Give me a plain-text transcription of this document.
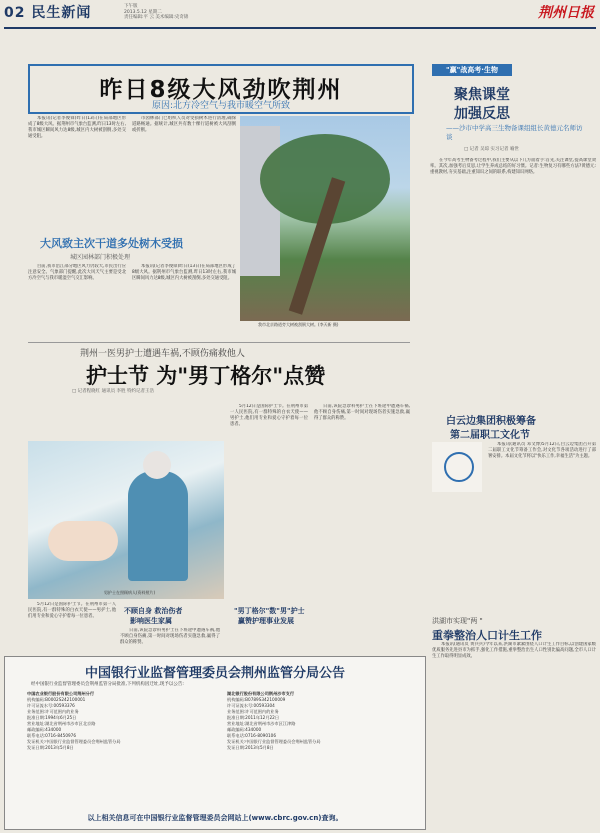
02 民生新闻	下午版
2013.5.12 星期二
责任编辑:平 云 美术编辑:史奇锦	荆州日报
昨日8级大风劲吹荆州
原因:北方冷空气与我市暖空气所致

本报讯(记者李俊锋)昨日(13日)在局部地区形成了8级大风。据荆州市气象台监测,昨日13时左右,我市城区瞬间风力达8级,城区内大树被刮倒,多处交通受阻。

市园林部门已组织人员对受损树木进行清理,确保道路畅通。据统计,城区共有数十棵行道树被大风刮倒或折断。

大风致主次干道多处树木受损
城区园林部门积极处理

目前,我市沿江部分地区风力仍较大,市民出行应注意安全。气象部门提醒,此次大风天气主要是受北方冷空气与我市暖湿空气交汇影响。

本报讯(记者李俊锋)昨日(13日)在局部地区形成了8级大风。据荆州市气象台监测,昨日13时左右,我市城区瞬间风力达8级,城区内大树被刮倒,多处交通受阻。

我市北京路道旁大树被刮倒大树。(李天新 摄)
"赢"战高考·生物
聚焦课堂
加强反思
——沙市中学高三生物备课组组长黄德元名师访谈
□ 记者 吴琼 实习记者 喻世

在今年高考生物备考过程中,我们主要从以下几方面着手:首先,关注课堂,提高课堂效率。其次,加强考后反思,让学生养成总结的好习惯。记者:生物复习有哪些方法?黄德元:重视教材,夯实基础,注重知识之间的联系,构建知识网络。

荆州一医男护士遭遇车祸,不顾伤痛救他人
护士节 为"男丁格尔"点赞
□ 记者程晓红 通讯员 李胜 特约记者王浩
男护士在照顾病人(资料照片)

5月12日是国际护士节。在荆州市第一人民医院,有一群特殊的白衣天使——男护士,他们用专业和爱心守护着每一位患者。

日前,该院急诊科男护士在下班途中遭遇车祸,他不顾自身伤痛,第一时间对现场伤者实施急救,赢得了群众的称赞。

5月12日是国际护士节。在荆州市第一人民医院,有一群特殊的白衣天使——男护士,他们用专业和爱心守护着每一位患者。

不顾自身 救治伤者
影响医生家属

日前,该院急诊科男护士在下班途中遭遇车祸,他不顾自身伤痛,第一时间对现场伤者实施急救,赢得了群众的称赞。

"男丁格尔"数"男"护士
赢赞护理事业发展
白云边集团积极筹备
第二届职工文化节

本报讯(通讯员 邓文博)5月12日,白云边集团召开第二届职工文化节筹备工作会,对文化节各项活动进行了部署安排。本届文化节将以"快乐工作,幸福生活"为主题。

洪湖市实现"两 "
重拳整治人口计生工作

本报讯(通讯员 黄兵兵)今年以来,洪湖市紧紧围绕人口计生工作目标,以创建国家级优质服务先进县市为抓手,强化工作措施,重拳整治出生人口性别比偏高问题,全市人口计生工作取得明显成效。

中国银行业监督管理委员会荆州监管分局公告
经中国银行业监督管理委员会荆州监管分局批准,下列机构因迁址,现予以公告:
中国农业银行股份有限公司荆州分行
机构编码:B0002S242100001
许可证流水号:00593376
业务范围:许可范围内的业务
批准日期:1994年6月25日
营业地址:湖北省荆州市沙市区北京路
邮政编码:434000
联系电话:0716-8450976
发证机关:中国银行业监督管理委员会荆州监管分局
发证日期:2013年5月8日
湖北银行股份有限公司荆州沙市支行
机构编码:B0789S342100009
许可证流水号:00593304
业务范围:许可范围内的业务
批准日期:2011年12月22日
营业地址:湖北省荆州市沙市区江津路
邮政编码:434000
联系电话:0716-8090106
发证机关:中国银行业监督管理委员会荆州监管分局
发证日期:2013年5月8日
以上相关信息可在中国银行业监督管理委员会网站上(www.cbrc.gov.cn)查询。
